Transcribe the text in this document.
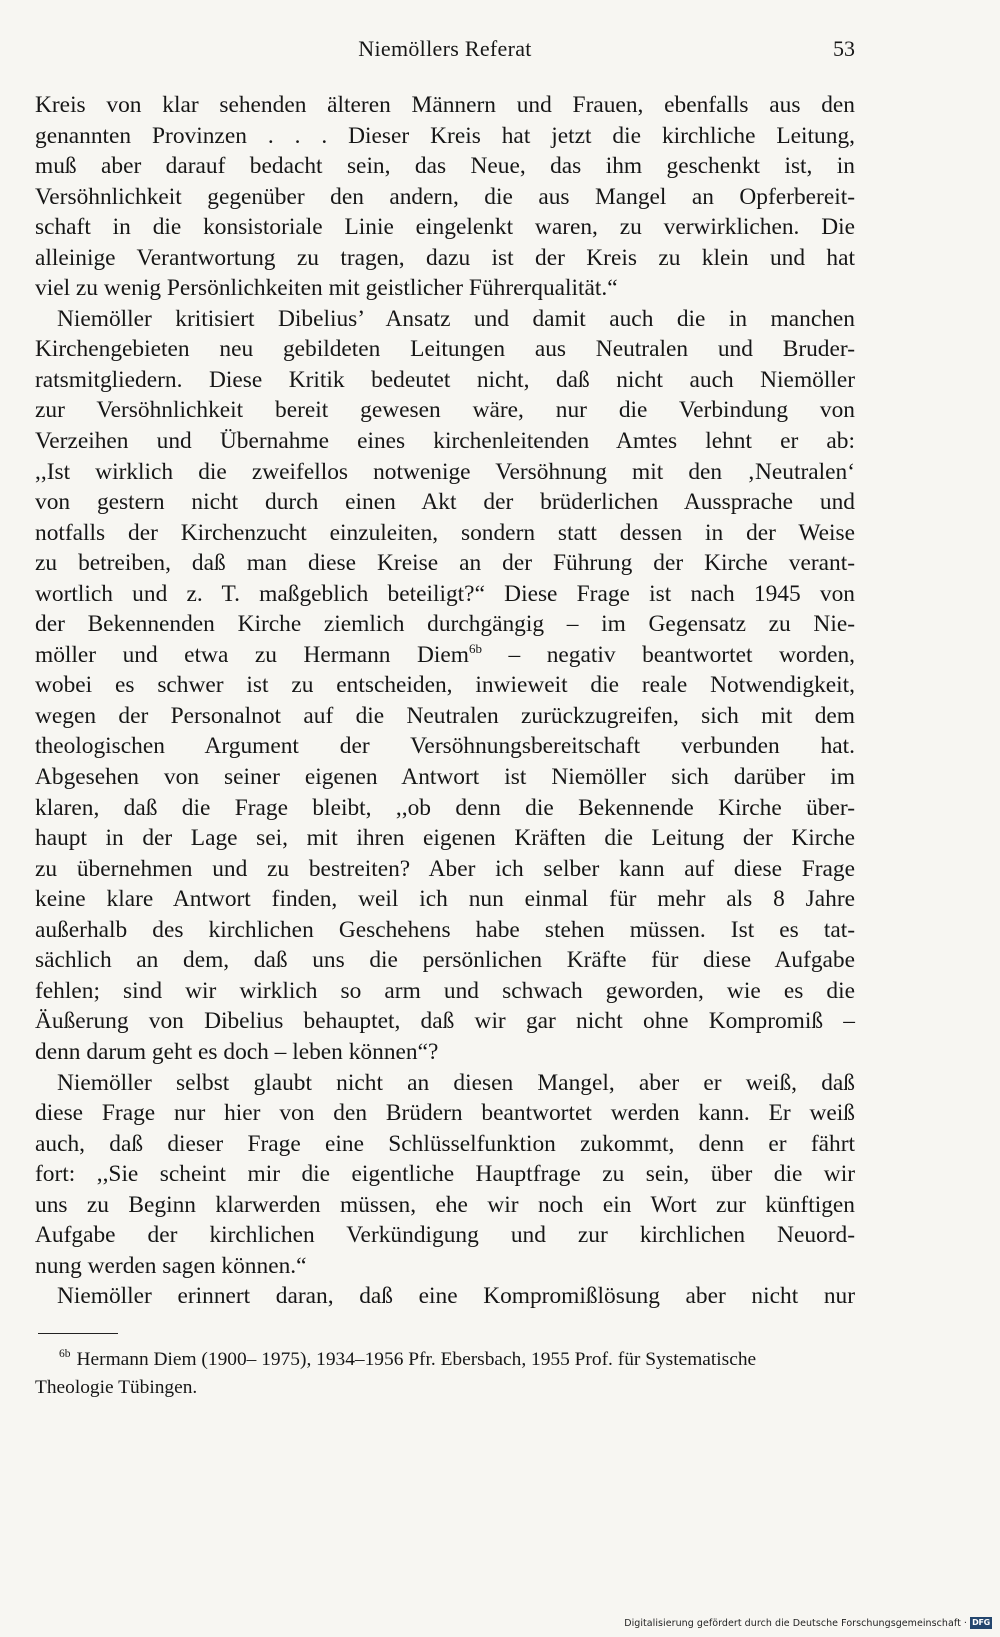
Niemöllers Referat	53
Kreis von klar sehenden älteren Männern und Frauen, ebenfalls aus den
genannten Provinzen . . . Dieser Kreis hat jetzt die kirchliche Leitung,
muß aber darauf bedacht sein, das Neue, das ihm geschenkt ist, in
Versöhnlichkeit gegenüber den andern, die aus Mangel an Opferbereit-
schaft in die konsistoriale Linie eingelenkt waren, zu verwirklichen. Die
alleinige Verantwortung zu tragen, dazu ist der Kreis zu klein und hat
viel zu wenig Persönlichkeiten mit geistlicher Führerqualität.“
Niemöller kritisiert Dibelius’ Ansatz und damit auch die in manchen
Kirchengebieten neu gebildeten Leitungen aus Neutralen und Bruder-
ratsmitgliedern. Diese Kritik bedeutet nicht, daß nicht auch Niemöller
zur Versöhnlichkeit bereit gewesen wäre, nur die Verbindung von
Verzeihen und Übernahme eines kirchenleitenden Amtes lehnt er ab:
,,Ist wirklich die zweifellos notwenige Versöhnung mit den ‚Neutralen‘
von gestern nicht durch einen Akt der brüderlichen Aussprache und
notfalls der Kirchenzucht einzuleiten, sondern statt dessen in der Weise
zu betreiben, daß man diese Kreise an der Führung der Kirche verant-
wortlich und z. T. maßgeblich beteiligt?“ Diese Frage ist nach 1945 von
der Bekennenden Kirche ziemlich durchgängig – im Gegensatz zu Nie-
möller und etwa zu Hermann Diem$^{6b}$ – negativ beantwortet worden,
wobei es schwer ist zu entscheiden, inwieweit die reale Notwendigkeit,
wegen der Personalnot auf die Neutralen zurückzugreifen, sich mit dem
theologischen Argument der Versöhnungsbereitschaft verbunden hat.
Abgesehen von seiner eigenen Antwort ist Niemöller sich darüber im
klaren, daß die Frage bleibt, ,,ob denn die Bekennende Kirche über-
haupt in der Lage sei, mit ihren eigenen Kräften die Leitung der Kirche
zu übernehmen und zu bestreiten? Aber ich selber kann auf diese Frage
keine klare Antwort finden, weil ich nun einmal für mehr als 8 Jahre
außerhalb des kirchlichen Geschehens habe stehen müssen. Ist es tat-
sächlich an dem, daß uns die persönlichen Kräfte für diese Aufgabe
fehlen; sind wir wirklich so arm und schwach geworden, wie es die
Äußerung von Dibelius behauptet, daß wir gar nicht ohne Kompromiß –
denn darum geht es doch – leben können“?
Niemöller selbst glaubt nicht an diesen Mangel, aber er weiß, daß
diese Frage nur hier von den Brüdern beantwortet werden kann. Er weiß
auch, daß dieser Frage eine Schlüsselfunktion zukommt, denn er fährt
fort: ,,Sie scheint mir die eigentliche Hauptfrage zu sein, über die wir
uns zu Beginn klarwerden müssen, ehe wir noch ein Wort zur künftigen
Aufgabe der kirchlichen Verkündigung und zur kirchlichen Neuord-
nung werden sagen können.“
Niemöller erinnert daran, daß eine Kompromißlösung aber nicht nur
$^{6b}$ Hermann Diem (1900– 1975), 1934–1956 Pfr. Ebersbach, 1955 Prof. für Systematische
Theologie Tübingen.
Digitalisierung gefördert durch die Deutsche Forschungsgemeinschaft · DFG
